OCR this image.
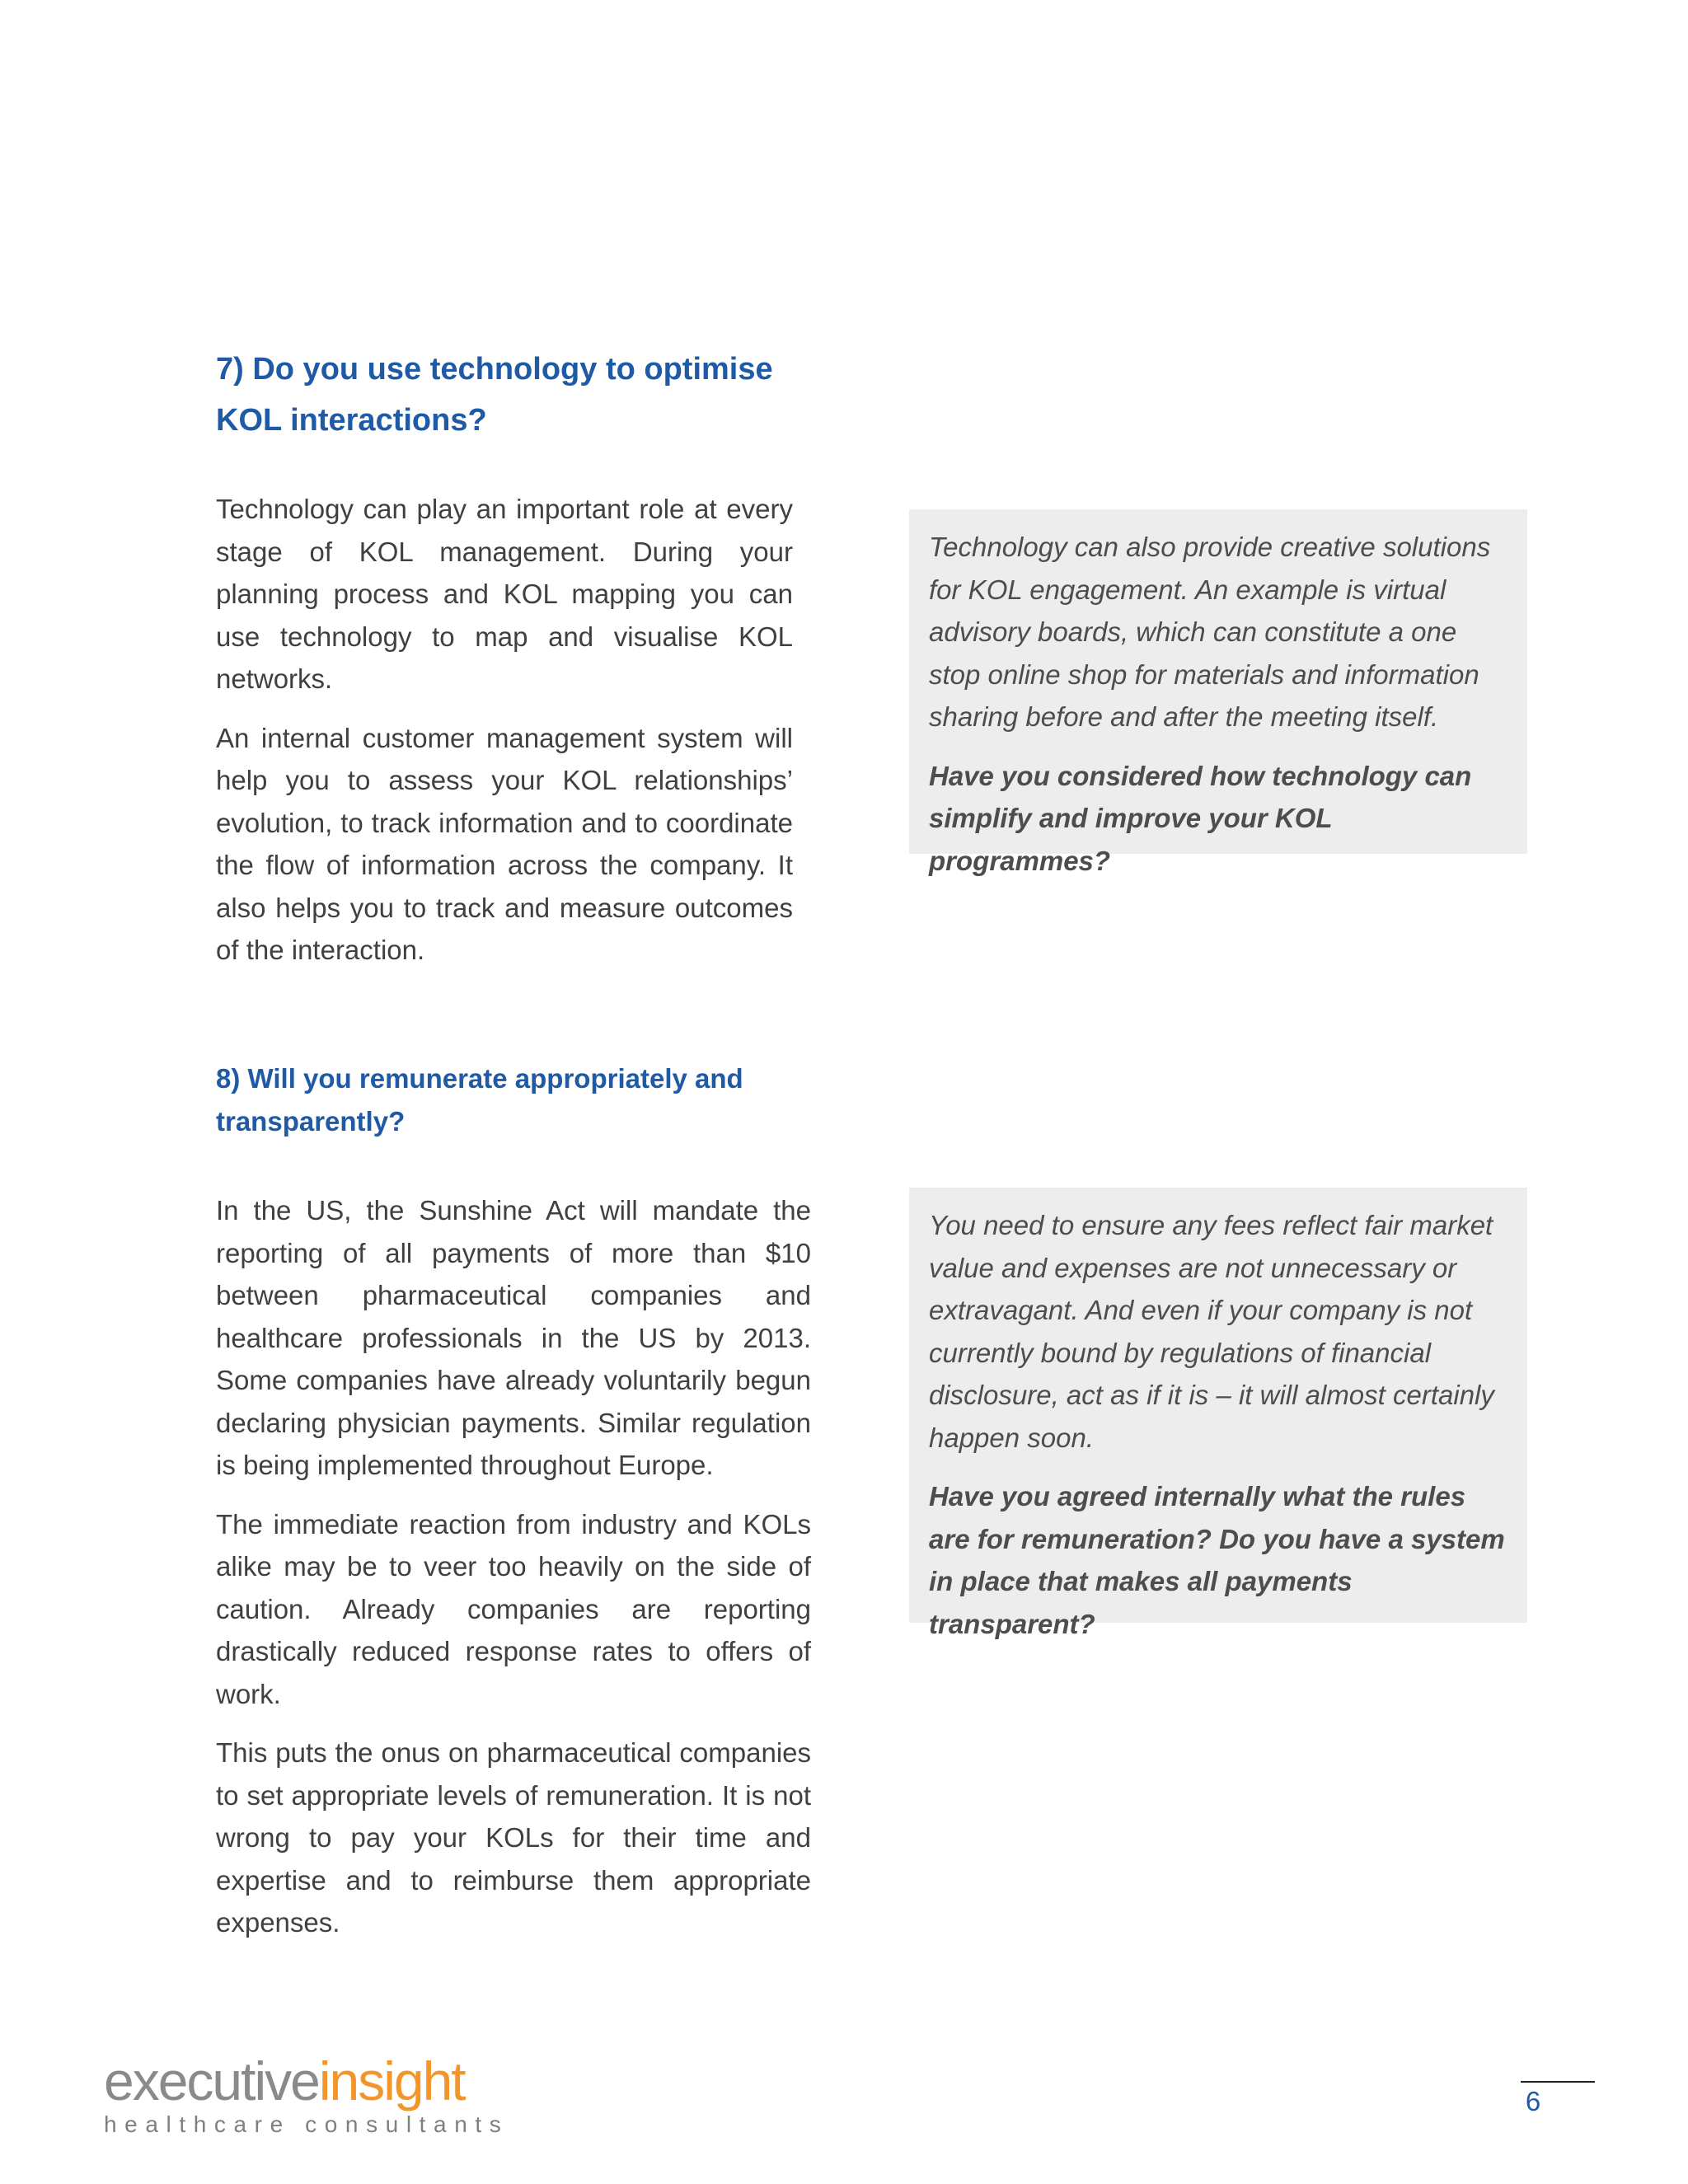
7) Do you use technology to optimise
KOL interactions?

Technology can play an important role at every stage of KOL management. During your planning process and KOL mapping you can use technology to map and visualise KOL networks.

An internal customer management system will help you to assess your KOL relationships’ evolution, to track information and to coordinate the flow of information across the company. It also helps you to track and measure outcomes of the interaction.

Technology can also provide creative solutions for KOL engagement. An example is virtual advisory boards, which can constitute a one stop online shop for materials and information sharing before and after the meeting itself.

Have you considered how technology can simplify and improve your KOL programmes?

8) Will you remunerate appropriately and
transparently?

In the US, the Sunshine Act will mandate the reporting of all payments of more than $10 between pharmaceutical companies and healthcare professionals in the US by 2013. Some companies have already voluntarily begun declaring physician payments. Similar regulation is being implemented throughout Europe.

The immediate reaction from industry and KOLs alike may be to veer too heavily on the side of caution. Already companies are reporting drastically reduced response rates to offers of work.

This puts the onus on pharmaceutical companies to set appropriate levels of remuneration. It is not wrong to pay your KOLs for their time and expertise and to reimburse them appropriate expenses.

You need to ensure any fees reflect fair market value and expenses are not unnecessary or extravagant. And even if your company is not currently bound by regulations of financial disclosure, act as if it is – it will almost certainly happen soon.

Have you agreed internally what the rules are for remuneration? Do you have a system in place that makes all payments transparent?

executiveinsight
healthcare consultants
6
